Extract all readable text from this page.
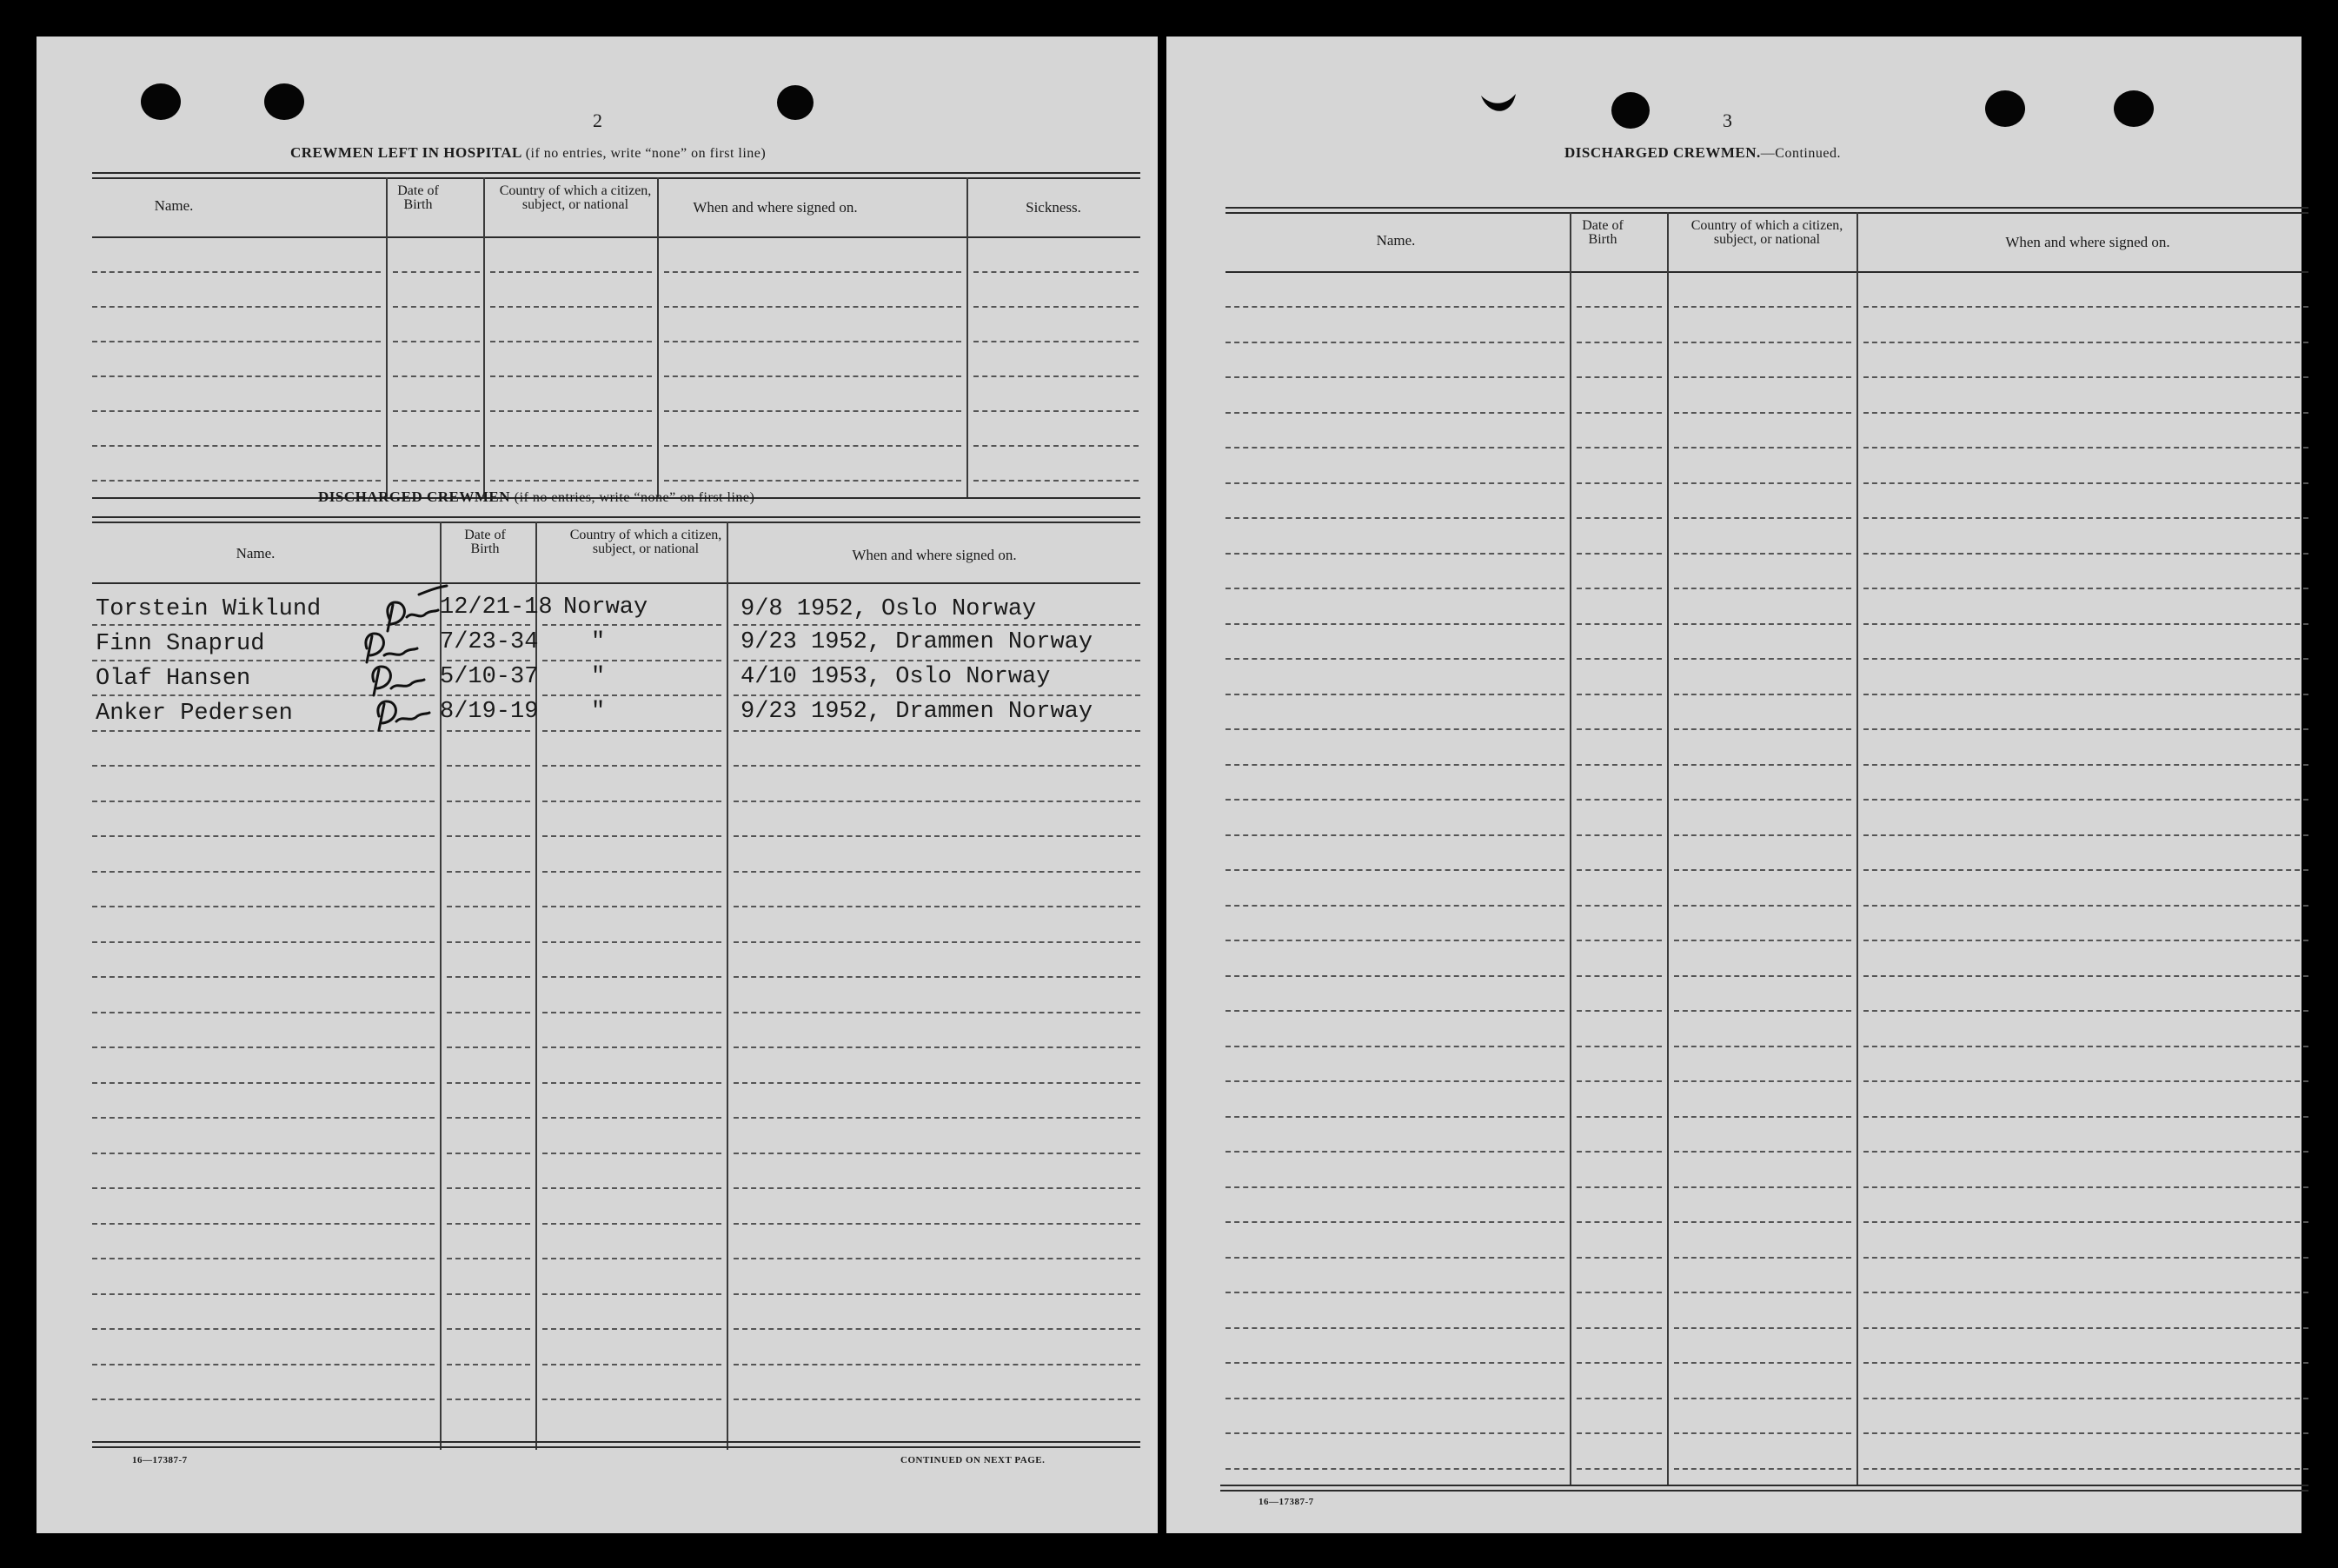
2
CREWMEN LEFT IN HOSPITAL (if no entries, write “none” on first line)
Name.
Date of Birth
Country of which a citizen, subject, or national	When and where signed on.	Sickness.
DISCHARGED CREWMEN (if no entries, write “none” on first line)
Name.
Date of Birth
Country of which a citizen, subject, or national	When and where signed on.
Torstein Wiklund	12/21-18 Norway	9/8 1952, Oslo Norway
Finn Snaprud	7/23-34 "	9/23 1952, Drammen Norway
Olaf Hansen	5/10-37 "	4/10 1953, Oslo Norway
Anker Pedersen	8/19-19 "	9/23 1952, Drammen Norway
16—17387-7	CONTINUED ON NEXT PAGE.
3
DISCHARGED CREWMEN.—Continued.
Name.
Date of Birth
Country of which a citizen, subject, or national	When and where signed on.
16—17387-7
